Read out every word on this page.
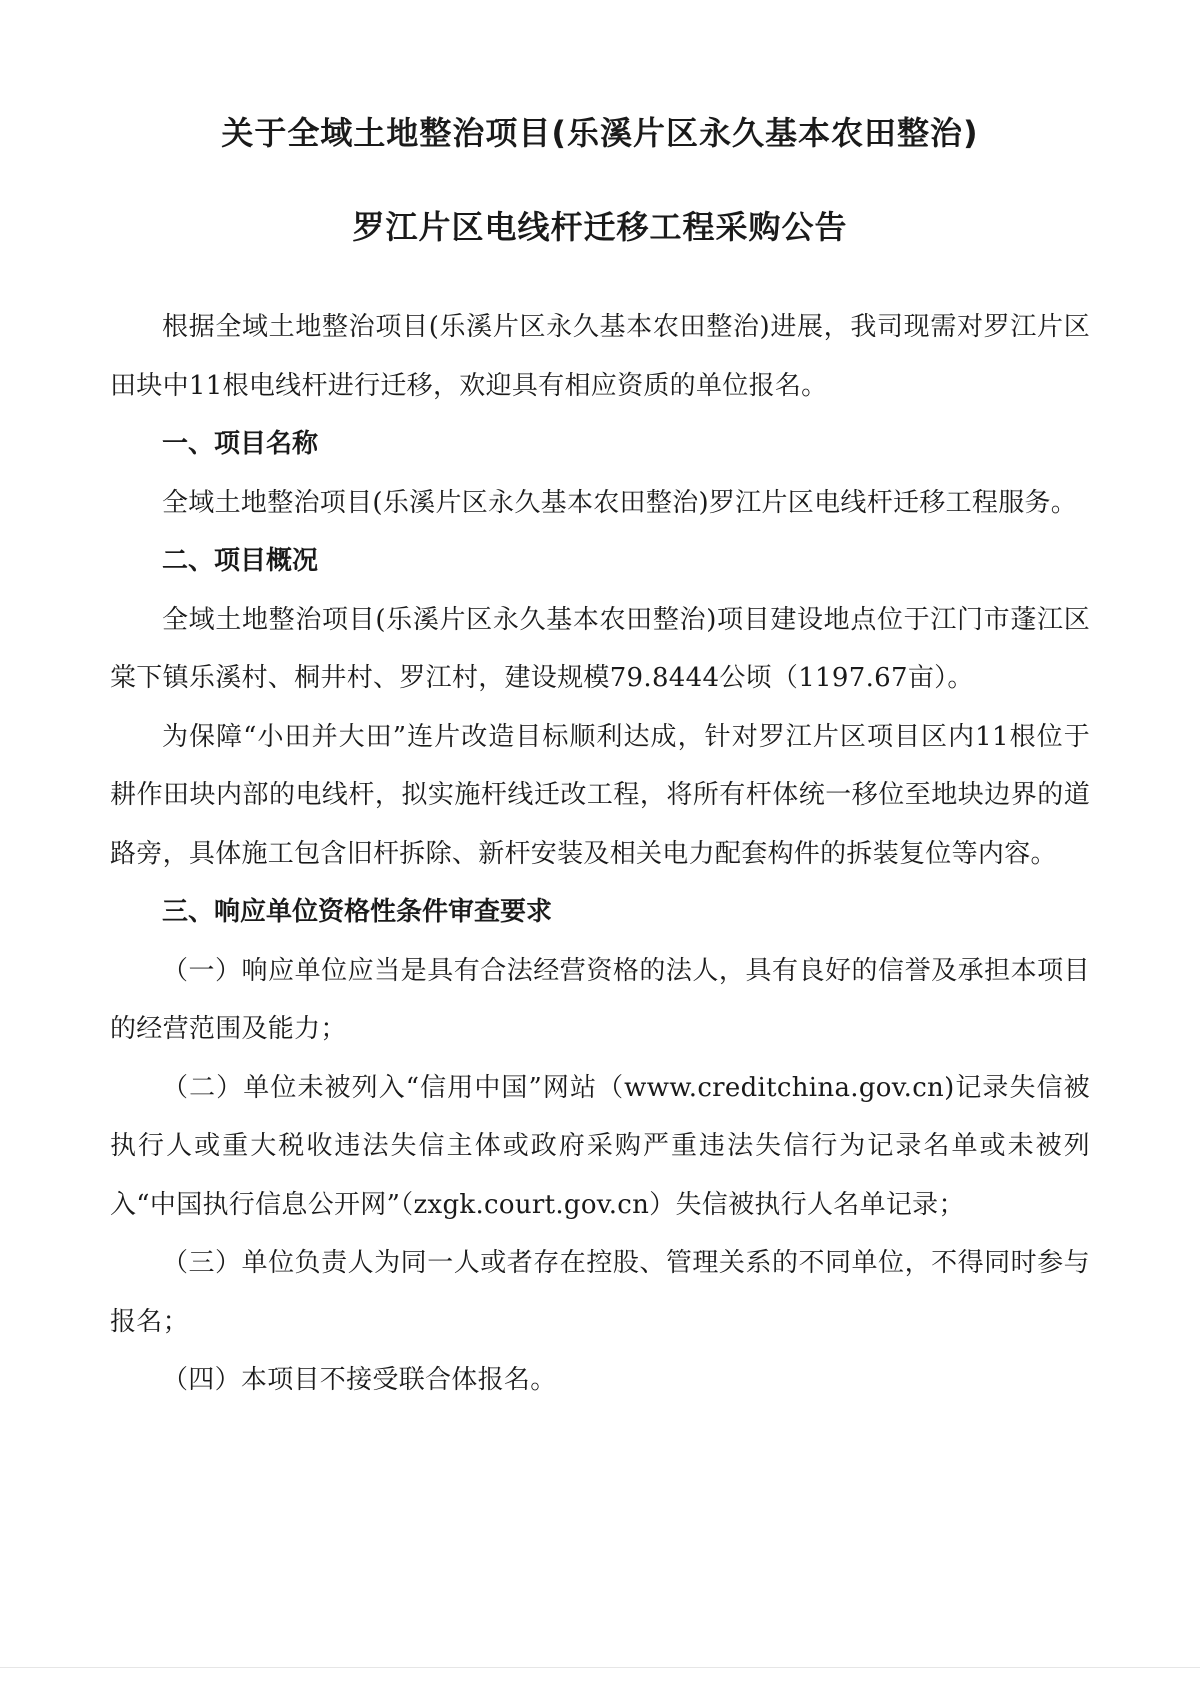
关于全域土地整治项目(乐溪片区永久基本农田整治)
罗江片区电线杆迁移工程采购公告

根据全域土地整治项目(乐溪片区永久基本农田整治)进展，我司现需对罗江片区田块中11根电线杆进行迁移，欢迎具有相应资质的单位报名。

一、项目名称

全域土地整治项目(乐溪片区永久基本农田整治)罗江片区电线杆迁移工程服务。

二、项目概况

全域土地整治项目(乐溪片区永久基本农田整治)项目建设地点位于江门市蓬江区棠下镇乐溪村、桐井村、罗江村，建设规模79.8444公顷（1197.67亩）。

为保障“小田并大田”连片改造目标顺利达成，针对罗江片区项目区内11根位于耕作田块内部的电线杆，拟实施杆线迁改工程，将所有杆体统一移位至地块边界的道路旁，具体施工包含旧杆拆除、新杆安装及相关电力配套构件的拆装复位等内容。

三、响应单位资格性条件审查要求

（一）响应单位应当是具有合法经营资格的法人，具有良好的信誉及承担本项目的经营范围及能力；

（二）单位未被列入“信用中国”网站（www.creditchina.gov.cn)记录失信被执行人或重大税收违法失信主体或政府采购严重违法失信行为记录名单或未被列入“中国执行信息公开网”（zxgk.court.gov.cn）失信被执行人名单记录；

（三）单位负责人为同一人或者存在控股、管理关系的不同单位，不得同时参与报名；

（四）本项目不接受联合体报名。
